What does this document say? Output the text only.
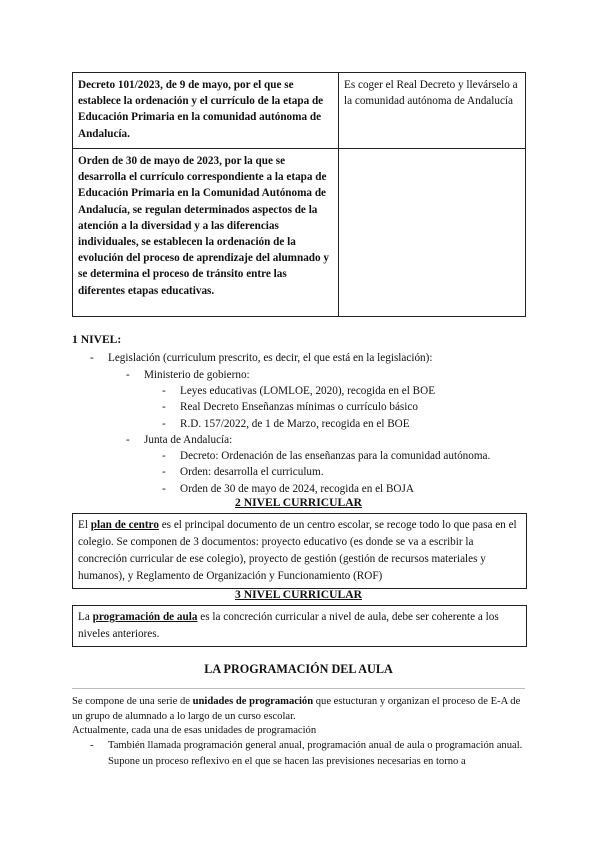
Decreto 101/2023, de 9 de mayo, por el que se establece la ordenación y el currículo de la etapa de Educación Primaria en la comunidad autónoma de Andalucía.	Es coger el Real Decreto y llevárselo a la comunidad autónoma de Andalucía
Orden de 30 de mayo de 2023, por la que se desarrolla el currículo correspondiente a la etapa de Educación Primaria en la Comunidad Autónoma de Andalucía, se regulan determinados aspectos de la atención a la diversidad y a las diferencias individuales, se establecen la ordenación de la evolución del proceso de aprendizaje del alumnado y se determina el proceso de tránsito entre las diferentes etapas educativas.	
1 NIVEL:
- Legislación (curriculum prescrito, es decir, el que está en la legislación):
- Ministerio de gobierno:
- Leyes educativas (LOMLOE, 2020), recogida en el BOE
- Real Decreto Enseñanzas mínimas o currículo básico
- R.D. 157/2022, de 1 de Marzo, recogida en el BOE
- Junta de Andalucía:
- Decreto: Ordenación de las enseñanzas para la comunidad autónoma.
- Orden: desarrolla el curriculum.
- Orden de 30 de mayo de 2024, recogida en el BOJA
2 NIVEL CURRICULAR
El plan de centro es el principal documento de un centro escolar, se recoge todo lo que pasa en el colegio. Se componen de 3 documentos: proyecto educativo (es donde se va a escribir la concreción curricular de ese colegio), proyecto de gestión (gestión de recursos materiales y humanos), y Reglamento de Organización y Funcionamiento (ROF)
3 NIVEL CURRICULAR
La programación de aula es la concreción curricular a nivel de aula, debe ser coherente a los niveles anteriores.
LA PROGRAMACIÓN DEL AULA
Se compone de una serie de unidades de programación que estucturan y organizan el proceso de E-A de un grupo de alumnado a lo largo de un curso escolar.
Actualmente, cada una de esas unidades de programación
- También llamada programación general anual, programación anual de aula o programación anual. Supone un proceso reflexivo en el que se hacen las previsiones necesarias en torno a
